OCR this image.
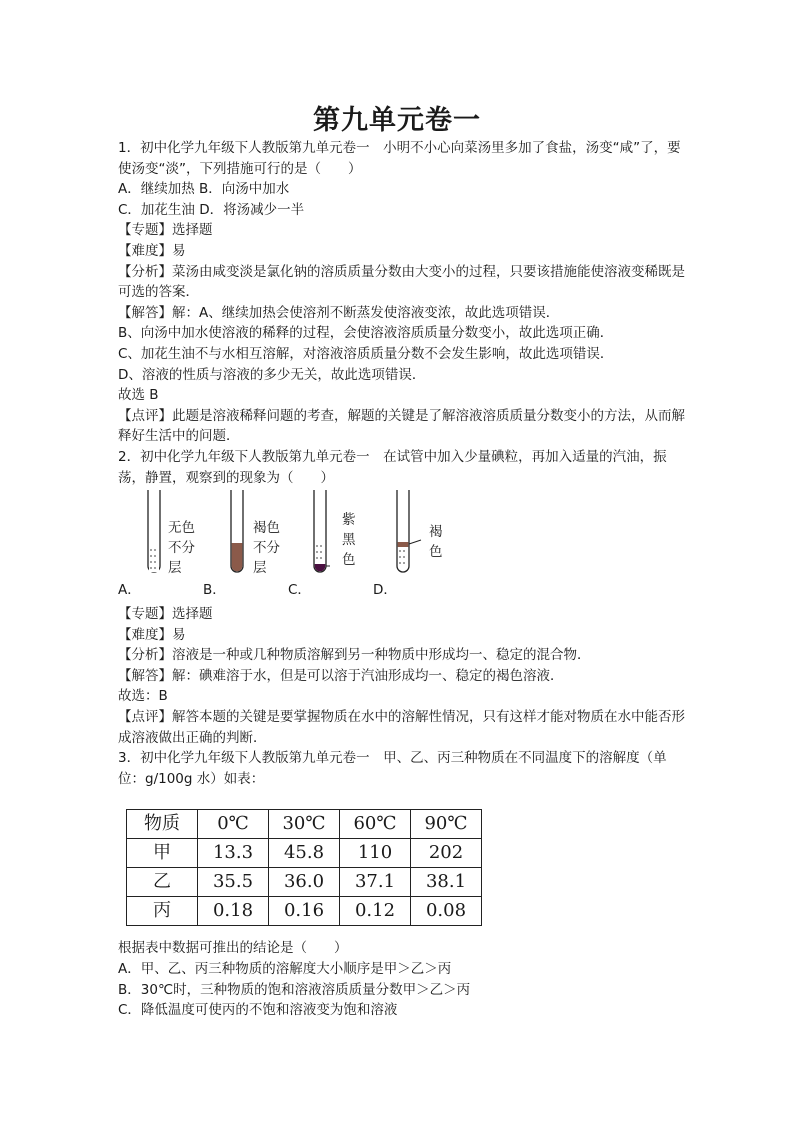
第九单元卷一

1．初中化学九年级下人教版第九单元卷一　小明不小心向菜汤里多加了食盐，汤变“咸”了，要使汤变“淡”，下列措施可行的是（　　）

A．继续加热 B．向汤中加水

C．加花生油 D．将汤减少一半

【专题】选择题

【难度】易

【分析】菜汤由咸变淡是氯化钠的溶质质量分数由大变小的过程，只要该措施能使溶液变稀既是可选的答案．

【解答】解：A、继续加热会使溶剂不断蒸发使溶液变浓，故此选项错误．

B、向汤中加水使溶液的稀释的过程，会使溶液溶质质量分数变小，故此选项正确．

C、加花生油不与水相互溶解，对溶液溶质质量分数不会发生影响，故此选项错误．

D、溶液的性质与溶液的多少无关，故此选项错误．

故选 B

【点评】此题是溶液稀释问题的考查，解题的关键是了解溶液溶质质量分数变小的方法，从而解释好生活中的问题．

2．初中化学九年级下人教版第九单元卷一　在试管中加入少量碘粒，再加入适量的汽油，振荡，静置，观察到的现象为（　　）

A．
无色
不分
层
B．
褐色
不分
层
C．
紫
黑
色
D．
褐
色

【专题】选择题

【难度】易

【分析】溶液是一种或几种物质溶解到另一种物质中形成均一、稳定的混合物．

【解答】解：碘难溶于水，但是可以溶于汽油形成均一、稳定的褐色溶液．

故选：B

【点评】解答本题的关键是要掌握物质在水中的溶解性情况，只有这样才能对物质在水中能否形成溶液做出正确的判断．

3．初中化学九年级下人教版第九单元卷一　甲、乙、丙三种物质在不同温度下的溶解度（单位：g/100g 水）如表：

物质	0℃	30℃	60℃	90℃
甲	13.3	45.8	110	202
乙	35.5	36.0	37.1	38.1
丙	0.18	0.16	0.12	0.08

根据表中数据可推出的结论是（　　）

A．甲、乙、丙三种物质的溶解度大小顺序是甲＞乙＞丙

B．30℃时，三种物质的饱和溶液溶质质量分数甲＞乙＞丙

C．降低温度可使丙的不饱和溶液变为饱和溶液
